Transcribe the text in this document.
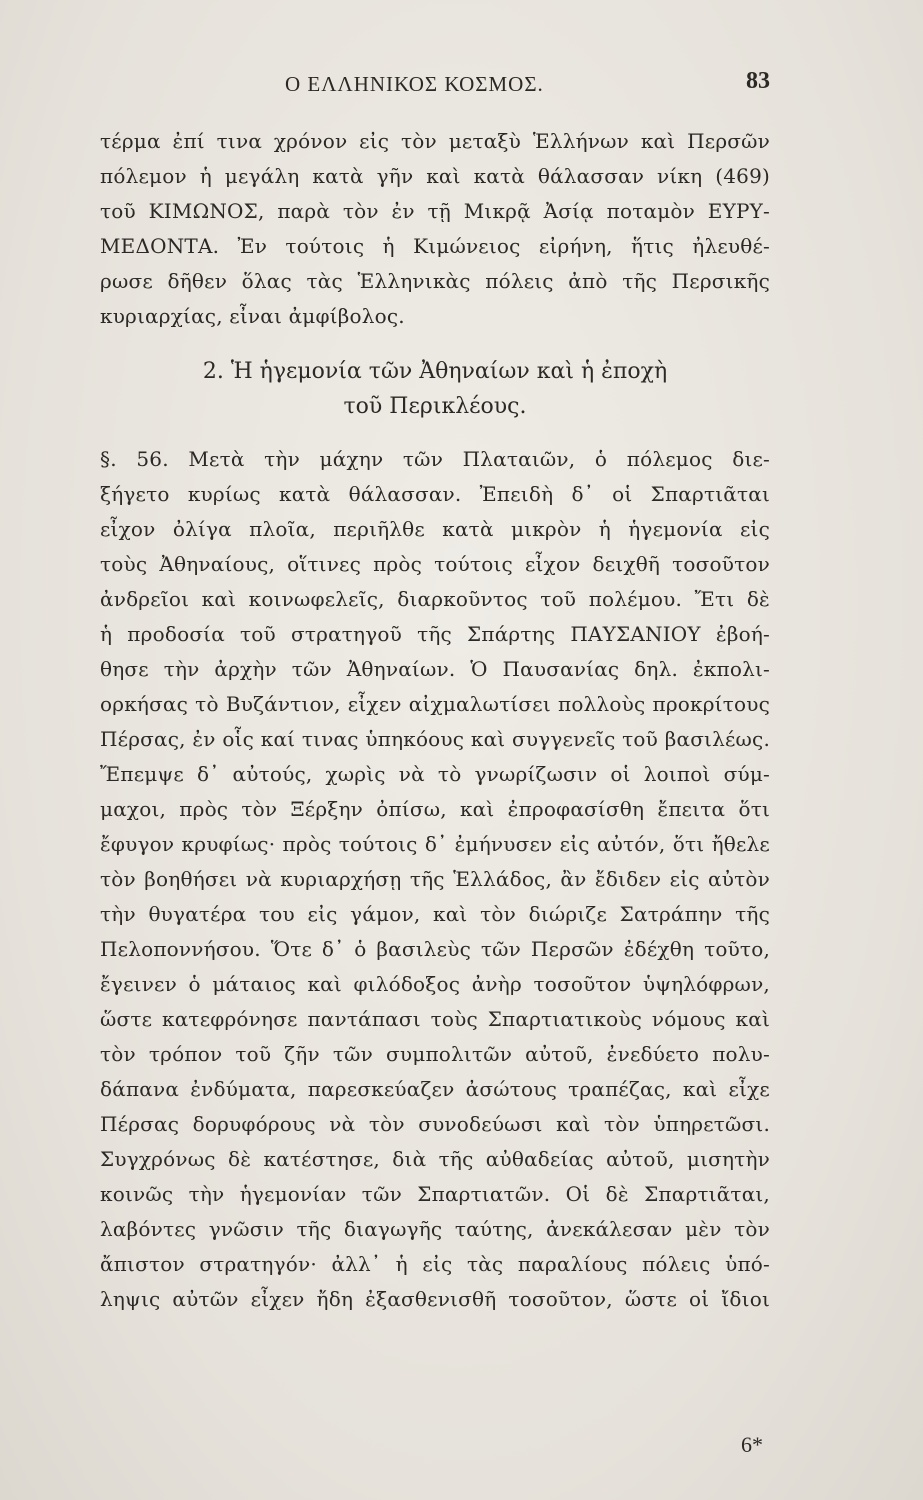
Ο ΕΛΛΗΝΙΚΟΣ ΚΟΣΜΟΣ.	83
τέρμα ἐπί τινα χρόνον εἰς τὸν μεταξὺ Ἑλλήνων καὶ Περσῶν
πόλεμον ἡ μεγάλη κατὰ γῆν καὶ κατὰ θάλασσαν νίκη (469)
τοῦ ΚΙΜΩΝΟΣ, παρὰ τὸν ἐν τῇ Μικρᾷ Ἀσίᾳ ποταμὸν ΕΥΡΥ-
ΜΕΔΟΝΤΑ. Ἐν τούτοις ἡ Κιμώνειος εἰρήνη, ἥτις ἠλευθέ-
ρωσε δῆθεν ὅλας τὰς Ἑλληνικὰς πόλεις ἀπὸ τῆς Περσικῆς
κυριαρχίας, εἶναι ἀμφίβολος.
2. Ἡ ἡγεμονία τῶν Ἀθηναίων καὶ ἡ ἐποχὴ
τοῦ Περικλέους.
§. 56. Μετὰ τὴν μάχην τῶν Πλαταιῶν, ὁ πόλεμος διε-
ξήγετο κυρίως κατὰ θάλασσαν. Ἐπειδὴ δ᾽ οἱ Σπαρτιᾶται
εἶχον ὀλίγα πλοῖα, περιῆλθε κατὰ μικρὸν ἡ ἡγεμονία εἰς
τοὺς Ἀθηναίους, οἵτινες πρὸς τούτοις εἶχον δειχθῆ τοσοῦτον
ἀνδρεῖοι καὶ κοινωφελεῖς, διαρκοῦντος τοῦ πολέμου. Ἔτι δὲ
ἡ προδοσία τοῦ στρατηγοῦ τῆς Σπάρτης ΠΑΥΣΑΝΙΟΥ ἐβοή-
θησε τὴν ἀρχὴν τῶν Ἀθηναίων. Ὁ Παυσανίας δηλ. ἐκπολι-
ορκήσας τὸ Βυζάντιον, εἶχεν αἰχμαλωτίσει πολλοὺς προκρίτους
Πέρσας, ἐν οἷς καί τινας ὑπηκόους καὶ συγγενεῖς τοῦ βασιλέως.
Ἔπεμψε δ᾽ αὐτούς, χωρὶς νὰ τὸ γνωρίζωσιν οἱ λοιποὶ σύμ-
μαχοι, πρὸς τὸν Ξέρξην ὀπίσω, καὶ ἐπροφασίσθη ἔπειτα ὅτι
ἔφυγον κρυφίως· πρὸς τούτοις δ᾽ ἐμήνυσεν εἰς αὐτόν, ὅτι ἤθελε
τὸν βοηθήσει νὰ κυριαρχήσῃ τῆς Ἑλλάδος, ἂν ἔδιδεν εἰς αὐτὸν
τὴν θυγατέρα του εἰς γάμον, καὶ τὸν διώριζε Σατράπην τῆς
Πελοποννήσου. Ὅτε δ᾽ ὁ βασιλεὺς τῶν Περσῶν ἐδέχθη τοῦτο,
ἔγεινεν ὁ μάταιος καὶ φιλόδοξος ἀνὴρ τοσοῦτον ὑψηλόφρων,
ὥστε κατεφρόνησε παντάπασι τοὺς Σπαρτιατικοὺς νόμους καὶ
τὸν τρόπον τοῦ ζῆν τῶν συμπολιτῶν αὐτοῦ, ἐνεδύετο πολυ-
δάπανα ἐνδύματα, παρεσκεύαζεν ἀσώτους τραπέζας, καὶ εἶχε
Πέρσας δορυφόρους νὰ τὸν συνοδεύωσι καὶ τὸν ὑπηρετῶσι.
Συγχρόνως δὲ κατέστησε, διὰ τῆς αὐθαδείας αὐτοῦ, μισητὴν
κοινῶς τὴν ἡγεμονίαν τῶν Σπαρτιατῶν. Οἱ δὲ Σπαρτιᾶται,
λαβόντες γνῶσιν τῆς διαγωγῆς ταύτης, ἀνεκάλεσαν μὲν τὸν
ἄπιστον στρατηγόν· ἀλλ᾽ ἡ εἰς τὰς παραλίους πόλεις ὑπό-
ληψις αὐτῶν εἶχεν ἤδη ἐξασθενισθῆ τοσοῦτον, ὥστε οἱ ἴδιοι
6*
